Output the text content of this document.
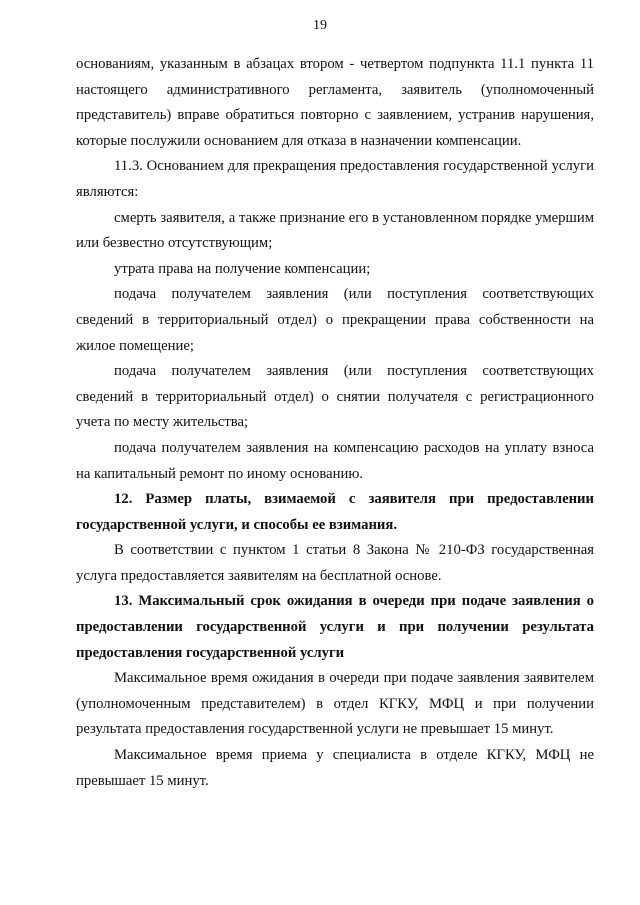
19

основаниям, указанным в абзацах втором - четвертом подпункта 11.1 пункта 11 настоящего административного регламента, заявитель (уполномоченный представитель) вправе обратиться повторно с заявлением, устранив нарушения, которые послужили основанием для отказа в назначении компенсации.

11.3. Основанием для прекращения предоставления государственной услуги являются:

смерть заявителя, а также признание его в установленном порядке умершим или безвестно отсутствующим;

утрата права на получение компенсации;

подача получателем заявления (или поступления соответствующих сведений в территориальный отдел) о прекращении права собственности на жилое помещение;

подача получателем заявления (или поступления соответствующих сведений в территориальный отдел) о снятии получателя с регистрационного учета по месту жительства;

подача получателем заявления на компенсацию расходов на уплату взноса на капитальный ремонт по иному основанию.

12. Размер платы, взимаемой с заявителя при предоставлении государственной услуги, и способы ее взимания.

В соответствии с пунктом 1 статьи 8 Закона № 210-ФЗ государственная услуга предоставляется заявителям на бесплатной основе.

13. Максимальный срок ожидания в очереди при подаче заявления о предоставлении государственной услуги и при получении результата предоставления государственной услуги

Максимальное время ожидания в очереди при подаче заявления заявителем (уполномоченным представителем) в отдел КГКУ, МФЦ и при получении результата предоставления государственной услуги не превышает 15 минут.

Максимальное время приема у специалиста в отделе КГКУ, МФЦ не превышает 15 минут.
